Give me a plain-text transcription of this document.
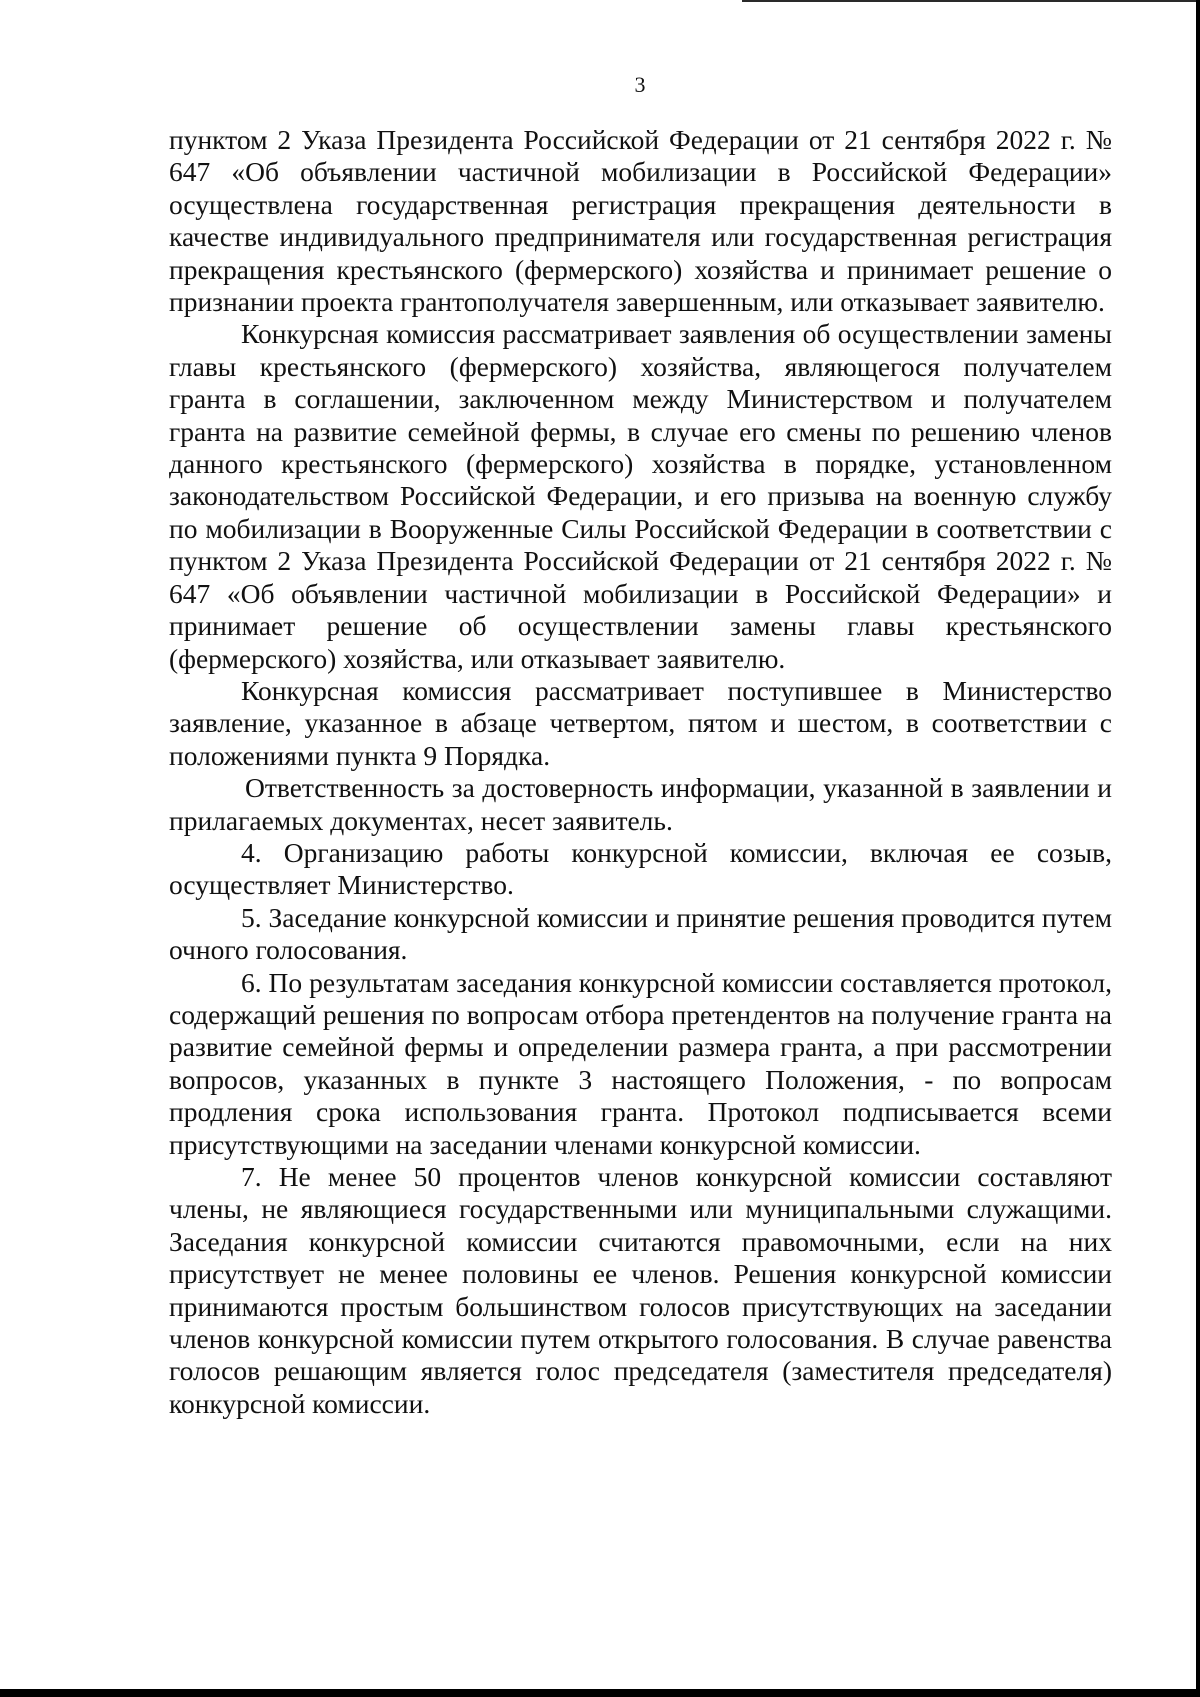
3

пунктом 2 Указа Президента Российской Федерации от 21 сентября 2022 г. № 647 «Об объявлении частичной мобилизации в Российской Федерации» осуществлена государственная регистрация прекращения деятельности в качестве индивидуального предпринимателя или государственная регистрация прекращения крестьянского (фермерского) хозяйства и принимает решение о признании проекта грантополучателя завершенным, или отказывает заявителю.

Конкурсная комиссия рассматривает заявления об осуществлении замены главы крестьянского (фермерского) хозяйства, являющегося получателем гранта в соглашении, заключенном между Министерством и получателем гранта на развитие семейной фермы, в случае его смены по решению членов данного крестьянского (фермерского) хозяйства в порядке, установленном законодательством Российской Федерации, и его призыва на военную службу по мобилизации в Вооруженные Силы Российской Федерации в соответствии с пунктом 2 Указа Президента Российской Федерации от 21 сентября 2022 г. № 647 «Об объявлении частичной мобилизации в Российской Федерации» и принимает решение об осуществлении замены главы крестьянского (фермерского) хозяйства, или отказывает заявителю.

Конкурсная комиссия рассматривает поступившее в Министерство заявление, указанное в абзаце четвертом, пятом и шестом, в соответствии с положениями пункта 9 Порядка.

Ответственность за достоверность информации, указанной в заявлении и прилагаемых документах, несет заявитель.

4. Организацию работы конкурсной комиссии, включая ее созыв, осуществляет Министерство.

5. Заседание конкурсной комиссии и принятие решения проводится путем очного голосования.

6. По результатам заседания конкурсной комиссии составляется протокол, содержащий решения по вопросам отбора претендентов на получение гранта на развитие семейной фермы и определении размера гранта, а при рассмотрении вопросов, указанных в пункте 3 настоящего Положения, - по вопросам продления срока использования гранта. Протокол подписывается всеми присутствующими на заседании членами конкурсной комиссии.

7. Не менее 50 процентов членов конкурсной комиссии составляют члены, не являющиеся государственными или муниципальными служащими. Заседания конкурсной комиссии считаются правомочными, если на них присутствует не менее половины ее членов. Решения конкурсной комиссии принимаются простым большинством голосов присутствующих на заседании членов конкурсной комиссии путем открытого голосования. В случае равенства голосов решающим является голос председателя (заместителя председателя) конкурсной комиссии.
